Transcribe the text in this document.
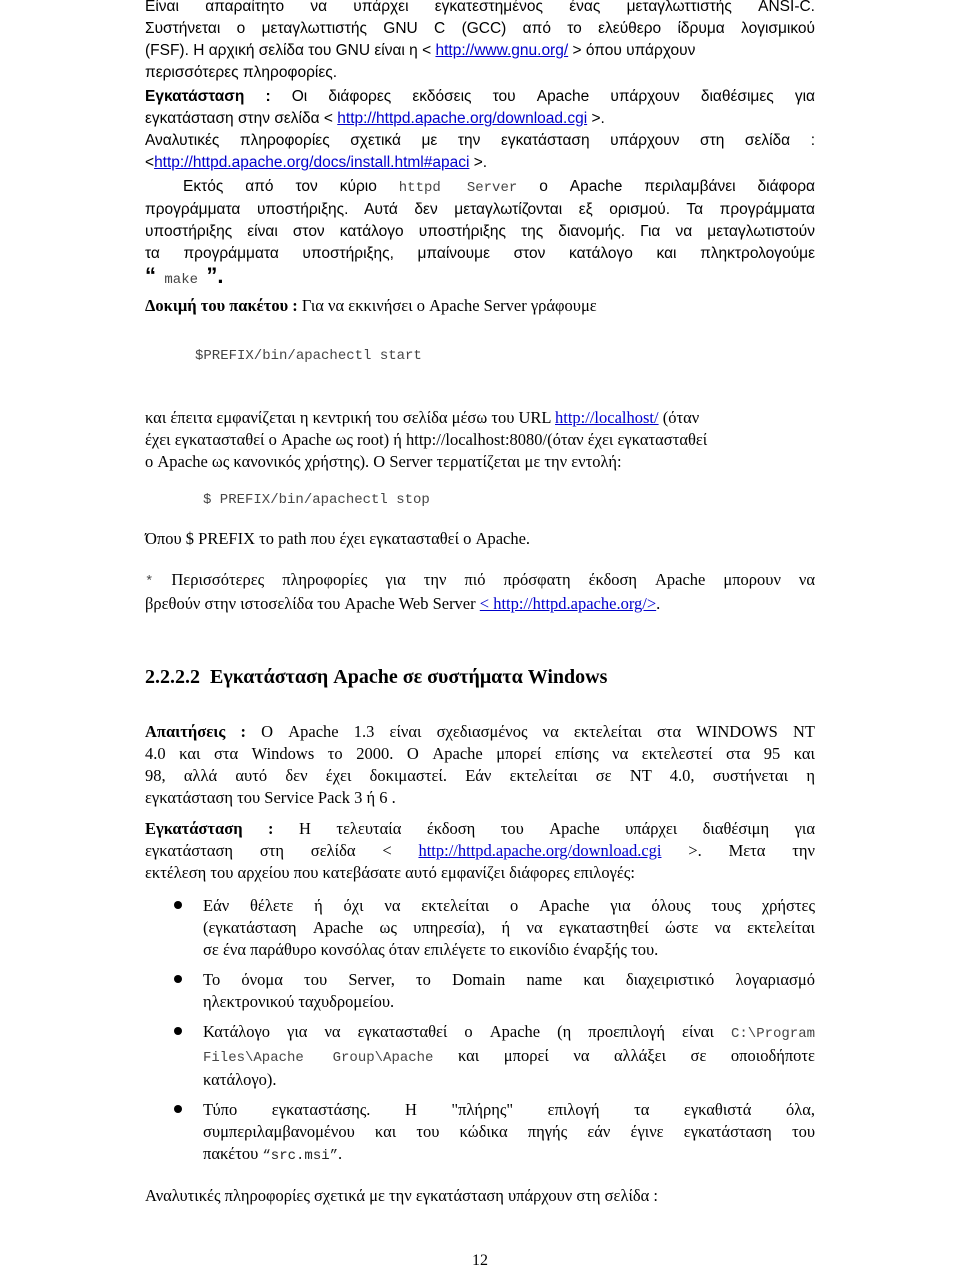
Είναι απαραίτητο να υπάρχει εγκατεστημένος ένας μεταγλωττιστής ANSI-C.
Συστήνεται ο μεταγλωττιστής GNU C (GCC) από το ελεύθερο ίδρυμα λογισμικού
(FSF). Η αρχική σελίδα του GNU είναι η < http://www.gnu.org/ > όπου υπάρχουν
περισσότερες πληροφορίες.
Εγκατάσταση : Οι διάφορες εκδόσεις του Apache υπάρχουν διαθέσιμες για
εγκατάσταση στην σελίδα < http://httpd.apache.org/download.cgi >.
Αναλυτικές πληροφορίες σχετικά με την εγκατάσταση υπάρχουν στη σελίδα :
<http://httpd.apache.org/docs/install.html#apaci >.
Εκτός από τον κύριο httpd Server ο Apache περιλαμβάνει διάφορα
προγράμματα υποστήριξης. Αυτά δεν μεταγλωτίζονται εξ ορισμού. Τα προγράμματα
υποστήριξης είναι στον κατάλογο υποστήριξης της διανομής. Για να μεταγλωτιστούν
τα προγράμματα υποστήριξης, μπαίνουμε στον κατάλογο και πληκτρολογούμε
“ make ”.
Δοκιμή του πακέτου : Για να εκκινήσει ο Apache Server γράφουμε
$PREFIX/bin/apachectl start
και έπειτα εμφανίζεται η κεντρική του σελίδα μέσω του URL http://localhost/ (όταν
έχει εγκατασταθεί ο Apache ως root) ή http://localhost:8080/(όταν έχει εγκατασταθεί
ο Apache ως κανονικός χρήστης). Ο Server τερματίζεται με την εντολή:
$ PREFIX/bin/apachectl stop
Όπου $ PREFIX το path που έχει εγκατασταθεί ο Apache.
* Περισσότερες πληροφορίες για την πιό πρόσφατη έκδοση Apache μπορουν να
βρεθούν στην ιστοσελίδα του Apache Web Server < http://httpd.apache.org/>.
2.2.2.2 Εγκατάσταση Apache σε συστήματα Windows
Απαιτήσεις : Ο Apache 1.3 είναι σχεδιασμένος να εκτελείται στα WINDOWS NT
4.0 και στα Windows το 2000. Ο Apache μπορεί επίσης να εκτελεστεί στα 95 και
98, αλλά αυτό δεν έχει δοκιμαστεί. Εάν εκτελείται σε NT 4.0, συστήνεται η
εγκατάσταση του Service Pack 3 ή 6 .
Εγκατάσταση : Η τελευταία έκδοση του Apache υπάρχει διαθέσιμη για
εγκατάσταση στη σελίδα < http://httpd.apache.org/download.cgi >. Μετα την
εκτέλεση του αρχείου που κατεβάσατε αυτό εμφανίζει διάφορες επιλογές:
Εάν θέλετε ή όχι να εκτελείται ο Apache για όλους τους χρήστες
(εγκατάσταση Apache ως υπηρεσία), ή να εγκαταστηθεί ώστε να εκτελείται
σε ένα παράθυρο κονσόλας όταν επιλέγετε το εικονίδιο έναρξής του.
Το όνομα του Server, το Domain name και διαχειριστικό λογαριασμό
ηλεκτρονικού ταχυδρομείου.
Κατάλογο για να εγκατασταθεί ο Apache (η προεπιλογή είναι C:\Program
Files\Apache Group\Apache και μπορεί να αλλάξει σε οποιοδήποτε
κατάλογο).
Τύπο εγκαταστάσης. Η "πλήρης" επιλογή τα εγκαθιστά όλα,
συμπεριλαμβανομένου και του κώδικα πηγής εάν έγινε εγκατάσταση του
πακέτου “src.msi”.
Αναλυτικές πληροφορίες σχετικά με την εγκατάσταση υπάρχουν στη σελίδα :
12
